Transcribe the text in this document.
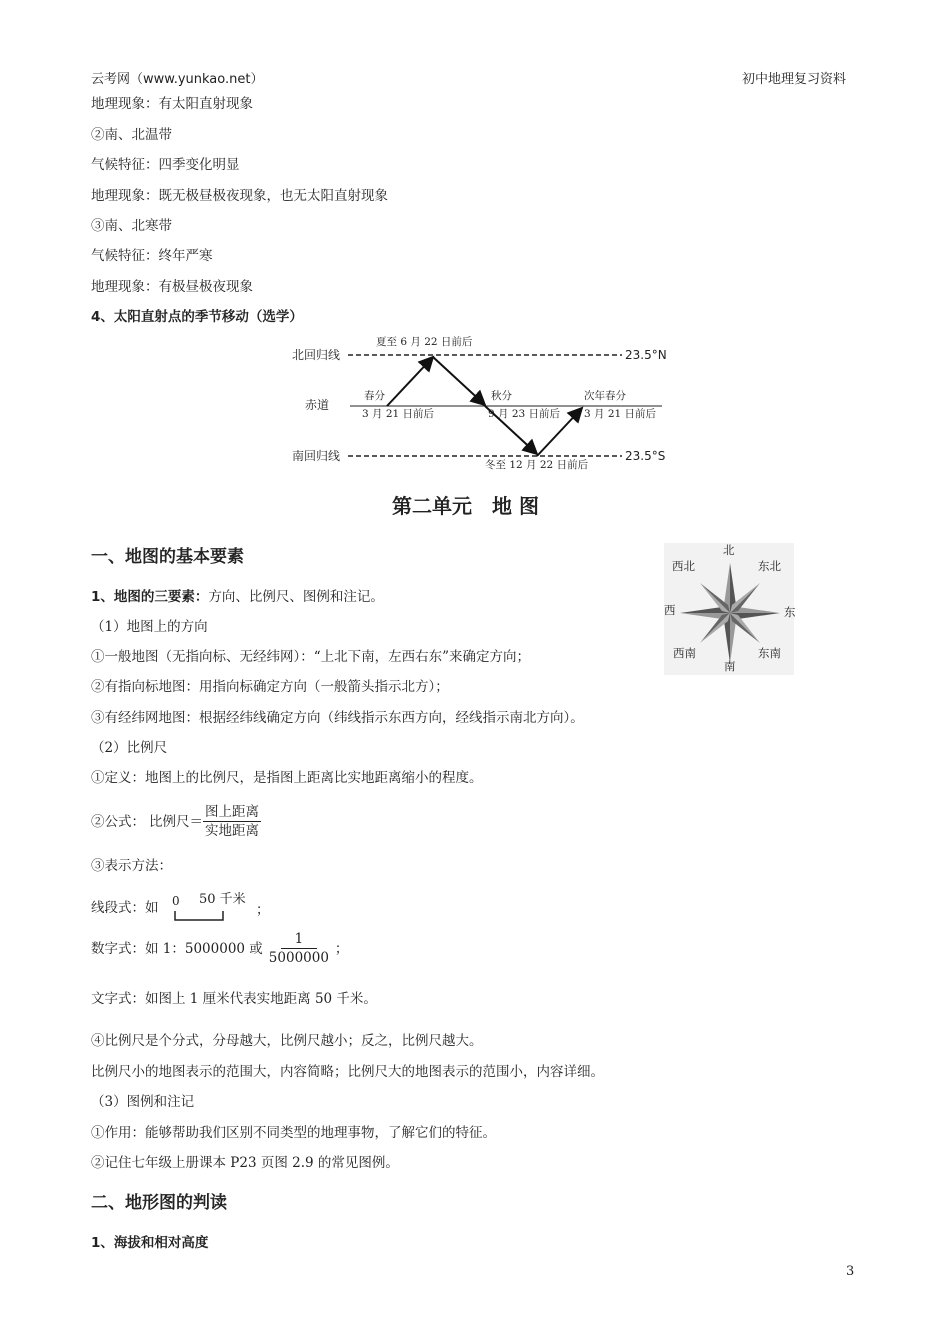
云考网（www.yunkao.net）	初中地理复习资料
地理现象：有太阳直射现象
②南、北温带
气候特征：四季变化明显
地理现象：既无极昼极夜现象，也无太阳直射现象
③南、北寒带
气候特征：终年严寒
地理现象：有极昼极夜现象
4、太阳直射点的季节移动（选学）
北回归线	23.5°N
夏至 6 月 22 日前后
赤道
春分
3 月 21 日前后
秋分
9 月 23 日前后
次年春分
3 月 21 日前后
南回归线	23.5°S
冬至 12 月 22 日前后
第二单元　地 图
一、地图的基本要素	北
南
东
西
东北
西北
东南
西南
1、地图的三要素：方向、比例尺、图例和注记。
（1）地图上的方向
①一般地图（无指向标、无经纬网）：“上北下南，左西右东”来确定方向；
②有指向标地图：用指向标确定方向（一般箭头指示北方）；
③有经纬网地图：根据经纬线确定方向（纬线指示东西方向，经线指示南北方向）。
（2）比例尺
①定义：地图上的比例尺，是指图上距离比实地距离缩小的程度。
②公式： 比例尺＝ $\frac{\text{图上距离}}{\text{实地距离}}$
③表示方法：
线段式：如 0 50 千米
；
数字式：如 1：5000000 或 $\frac{1}{5000000}$ ；
文字式：如图上 1 厘米代表实地距离 50 千米。
④比例尺是个分式，分母越大，比例尺越小；反之，比例尺越大。
比例尺小的地图表示的范围大，内容简略；比例尺大的地图表示的范围小，内容详细。
（3）图例和注记
①作用：能够帮助我们区别不同类型的地理事物，了解它们的特征。
②记住七年级上册课本 P23 页图 2.9 的常见图例。
二、地形图的判读
1、海拔和相对高度
3
